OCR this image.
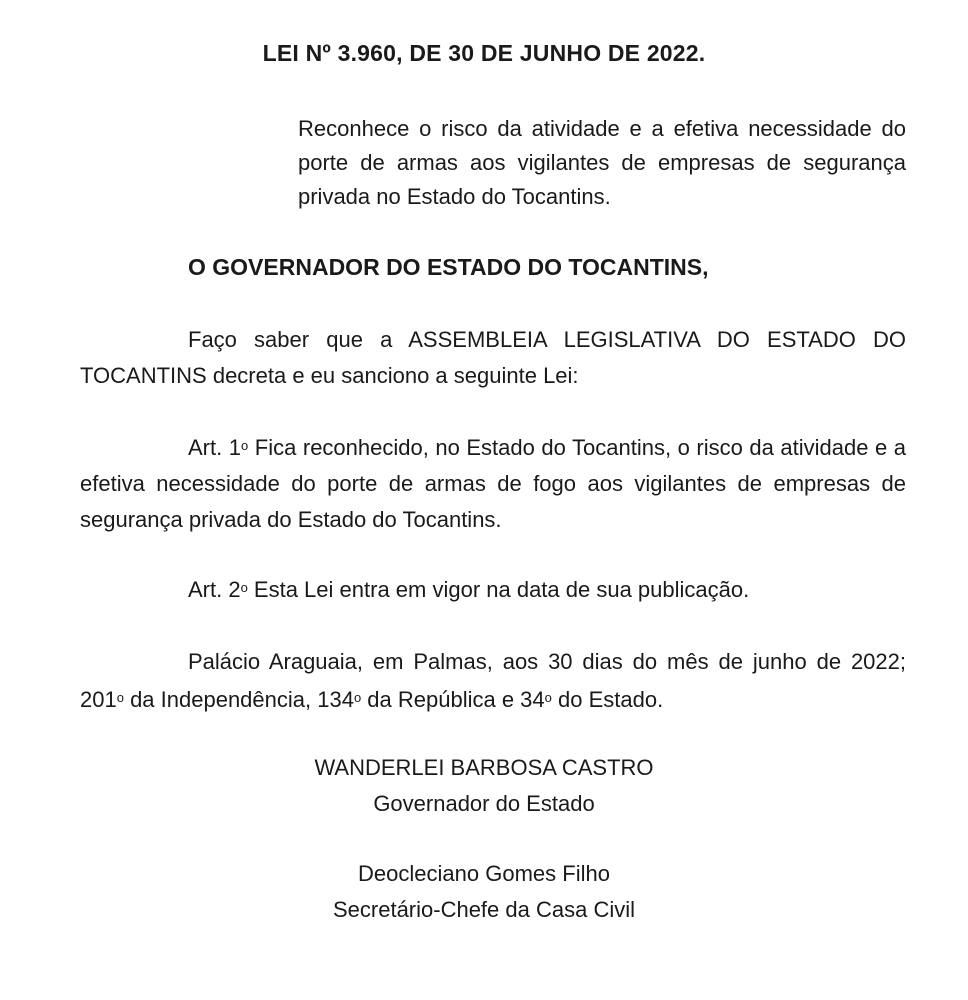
LEI Nº 3.960, DE 30 DE JUNHO DE 2022.
Reconhece o risco da atividade e a efetiva necessidade do porte de armas aos vigilantes de empresas de segurança privada no Estado do Tocantins.
O GOVERNADOR DO ESTADO DO TOCANTINS,
Faço saber que a ASSEMBLEIA LEGISLATIVA DO ESTADO DO TOCANTINS decreta e eu sanciono a seguinte Lei:
Art. 1$^o$ Fica reconhecido, no Estado do Tocantins, o risco da atividade e a efetiva necessidade do porte de armas de fogo aos vigilantes de empresas de segurança privada do Estado do Tocantins.
Art. 2$^o$ Esta Lei entra em vigor na data de sua publicação.
Palácio Araguaia, em Palmas, aos 30 dias do mês de junho de 2022; 201$^o$ da Independência, 134$^o$ da República e 34$^o$ do Estado.
WANDERLEI BARBOSA CASTRO
Governador do Estado
Deocleciano Gomes Filho
Secretário-Chefe da Casa Civil
